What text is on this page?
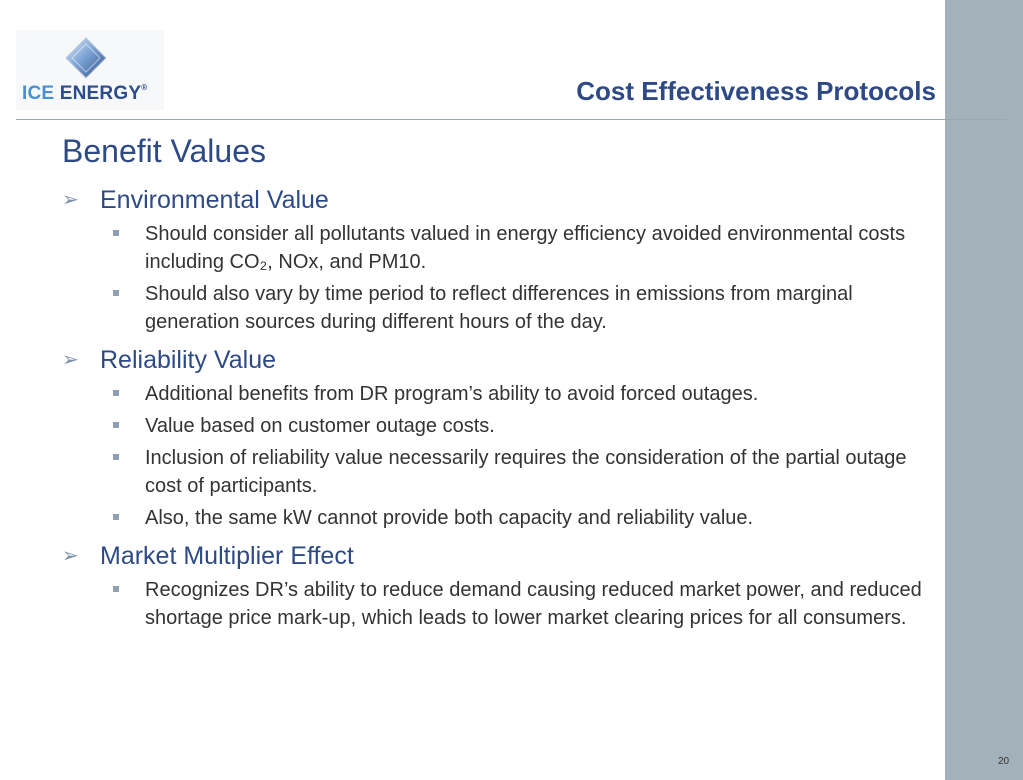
ICE ENERGY®	Cost Effectiveness Protocols
Benefit Values
➢ Environmental Value
Should consider all pollutants valued in energy efficiency avoided environmental costs including CO₂, NOx, and PM10.
Should also vary by time period to reflect differences in emissions from marginal generation sources during different hours of the day.
➢ Reliability Value
Additional benefits from DR program’s ability to avoid forced outages.
Value based on customer outage costs.
Inclusion of reliability value necessarily requires the consideration of the partial outage cost of participants.
Also, the same kW cannot provide both capacity and reliability value.
➢ Market Multiplier Effect
Recognizes DR’s ability to reduce demand causing reduced market power, and reduced shortage price mark-up, which leads to lower market clearing prices for all consumers.
20
